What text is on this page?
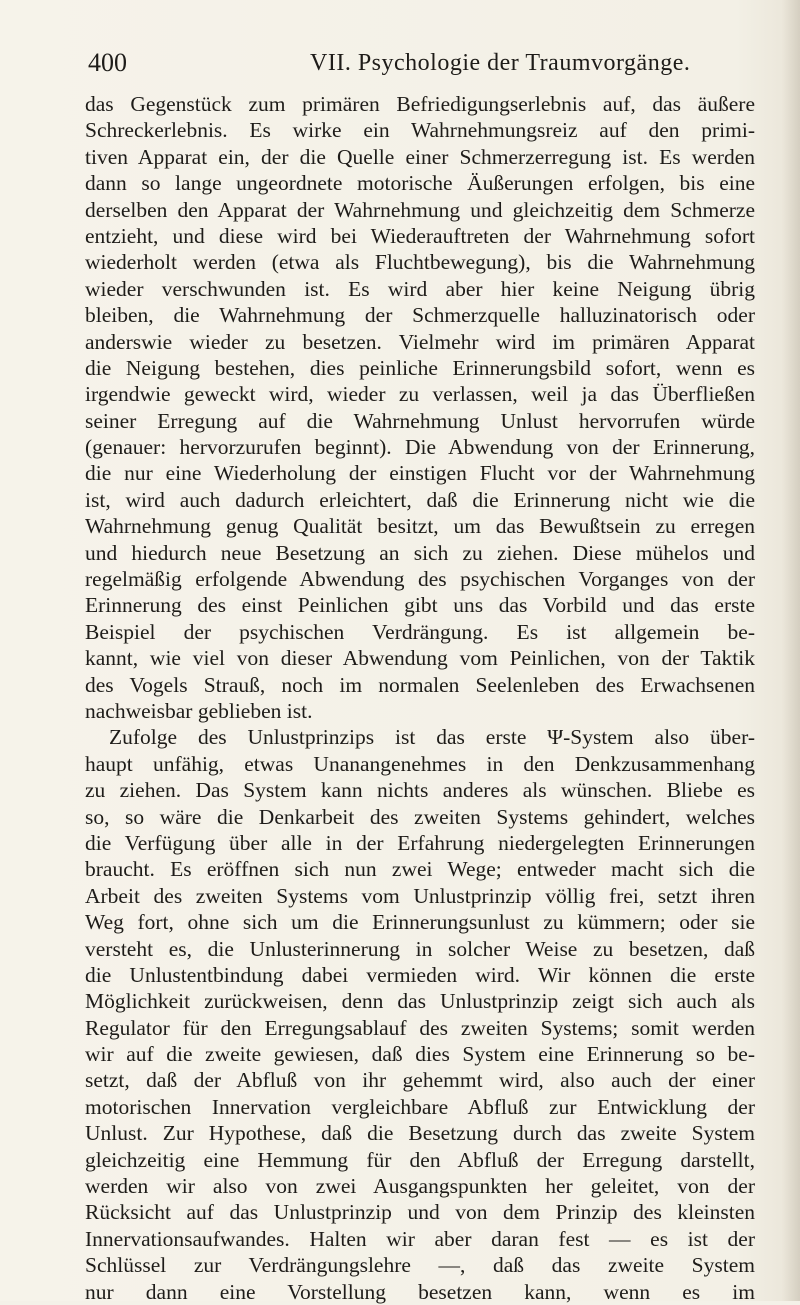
400	VII. Psychologie der Traumvorgänge.
das Gegenstück zum primären Befriedigungserlebnis auf, das äußere
Schreckerlebnis. Es wirke ein Wahrnehmungsreiz auf den primi-
tiven Apparat ein, der die Quelle einer Schmerzerregung ist. Es werden
dann so lange ungeordnete motorische Äußerungen erfolgen, bis eine
derselben den Apparat der Wahrnehmung und gleichzeitig dem Schmerze
entzieht, und diese wird bei Wiederauftreten der Wahrnehmung sofort
wiederholt werden (etwa als Fluchtbewegung), bis die Wahrnehmung
wieder verschwunden ist. Es wird aber hier keine Neigung übrig
bleiben, die Wahrnehmung der Schmerzquelle halluzinatorisch oder
anderswie wieder zu besetzen. Vielmehr wird im primären Apparat
die Neigung bestehen, dies peinliche Erinnerungsbild sofort, wenn es
irgendwie geweckt wird, wieder zu verlassen, weil ja das Überfließen
seiner Erregung auf die Wahrnehmung Unlust hervorrufen würde
(genauer: hervorzurufen beginnt). Die Abwendung von der Erinnerung,
die nur eine Wiederholung der einstigen Flucht vor der Wahrnehmung
ist, wird auch dadurch erleichtert, daß die Erinnerung nicht wie die
Wahrnehmung genug Qualität besitzt, um das Bewußtsein zu erregen
und hiedurch neue Besetzung an sich zu ziehen. Diese mühelos und
regelmäßig erfolgende Abwendung des psychischen Vorganges von der
Erinnerung des einst Peinlichen gibt uns das Vorbild und das erste
Beispiel der psychischen Verdrängung. Es ist allgemein be-
kannt, wie viel von dieser Abwendung vom Peinlichen, von der Taktik
des Vogels Strauß, noch im normalen Seelenleben des Erwachsenen
nachweisbar geblieben ist.
Zufolge des Unlustprinzips ist das erste Ψ-System also über-
haupt unfähig, etwas Unanangenehmes in den Denkzusammenhang
zu ziehen. Das System kann nichts anderes als wünschen. Bliebe es
so, so wäre die Denkarbeit des zweiten Systems gehindert, welches
die Verfügung über alle in der Erfahrung niedergelegten Erinnerungen
braucht. Es eröffnen sich nun zwei Wege; entweder macht sich die
Arbeit des zweiten Systems vom Unlustprinzip völlig frei, setzt ihren
Weg fort, ohne sich um die Erinnerungsunlust zu kümmern; oder sie
versteht es, die Unlusterinnerung in solcher Weise zu besetzen, daß
die Unlustentbindung dabei vermieden wird. Wir können die erste
Möglichkeit zurückweisen, denn das Unlustprinzip zeigt sich auch als
Regulator für den Erregungsablauf des zweiten Systems; somit werden
wir auf die zweite gewiesen, daß dies System eine Erinnerung so be-
setzt, daß der Abfluß von ihr gehemmt wird, also auch der einer
motorischen Innervation vergleichbare Abfluß zur Entwicklung der
Unlust. Zur Hypothese, daß die Besetzung durch das zweite System
gleichzeitig eine Hemmung für den Abfluß der Erregung darstellt,
werden wir also von zwei Ausgangspunkten her geleitet, von der
Rücksicht auf das Unlustprinzip und von dem Prinzip des kleinsten
Innervationsaufwandes. Halten wir aber daran fest — es ist der
Schlüssel zur Verdrängungslehre —, daß das zweite System
nur dann eine Vorstellung besetzen kann, wenn es im
